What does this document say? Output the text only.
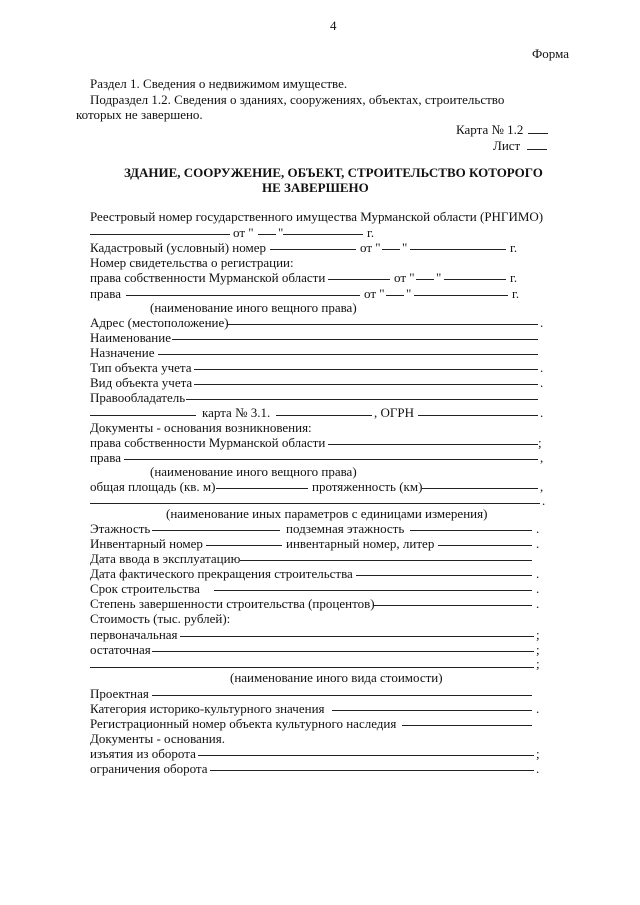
4
Форма
Раздел 1. Сведения о недвижимом имуществе.
Подраздел 1.2. Сведения о зданиях, сооружениях, объектах, строительство
которых не завершено.
Карта № 1.2
Лист
ЗДАНИЕ, СООРУЖЕНИЕ, ОБЪЕКТ, СТРОИТЕЛЬСТВО КОТОРОГО
НЕ ЗАВЕРШЕНО
Реестровый номер государственного имущества Мурманской области (РНГИМО)
от " "	г.
Кадастровый (условный) номер	от " "	г.
Номер свидетельства о регистрации:
права собственности Мурманской области	от " "	г.
права	от " "	г.
(наименование иного вещного права)
Адрес (местоположение)
Наименование
Назначение
Тип объекта учета
Вид объекта учета
Правообладатель
карта № 3.1.	, ОГРН
Документы - основания возникновения:
права собственности Мурманской области
права
(наименование иного вещного права)
общая площадь (кв. м)	протяженность (км)
(наименование иных параметров с единицами измерения)
Этажность	подземная этажность
Инвентарный номер	инвентарный номер, литер
Дата ввода в эксплуатацию
Дата фактического прекращения строительства
Срок строительства
Степень завершенности строительства (процентов)
Стоимость (тыс. рублей):
первоначальная
остаточная
(наименование иного вида стоимости)
Проектная
Категория историко-культурного значения
Регистрационный номер объекта культурного наследия
Документы - основания.
изъятия из оборота
ограничения оборота
.
.
.
.
;
,
,
.
.
.
.
.
.
;
;
;
.
;
.
